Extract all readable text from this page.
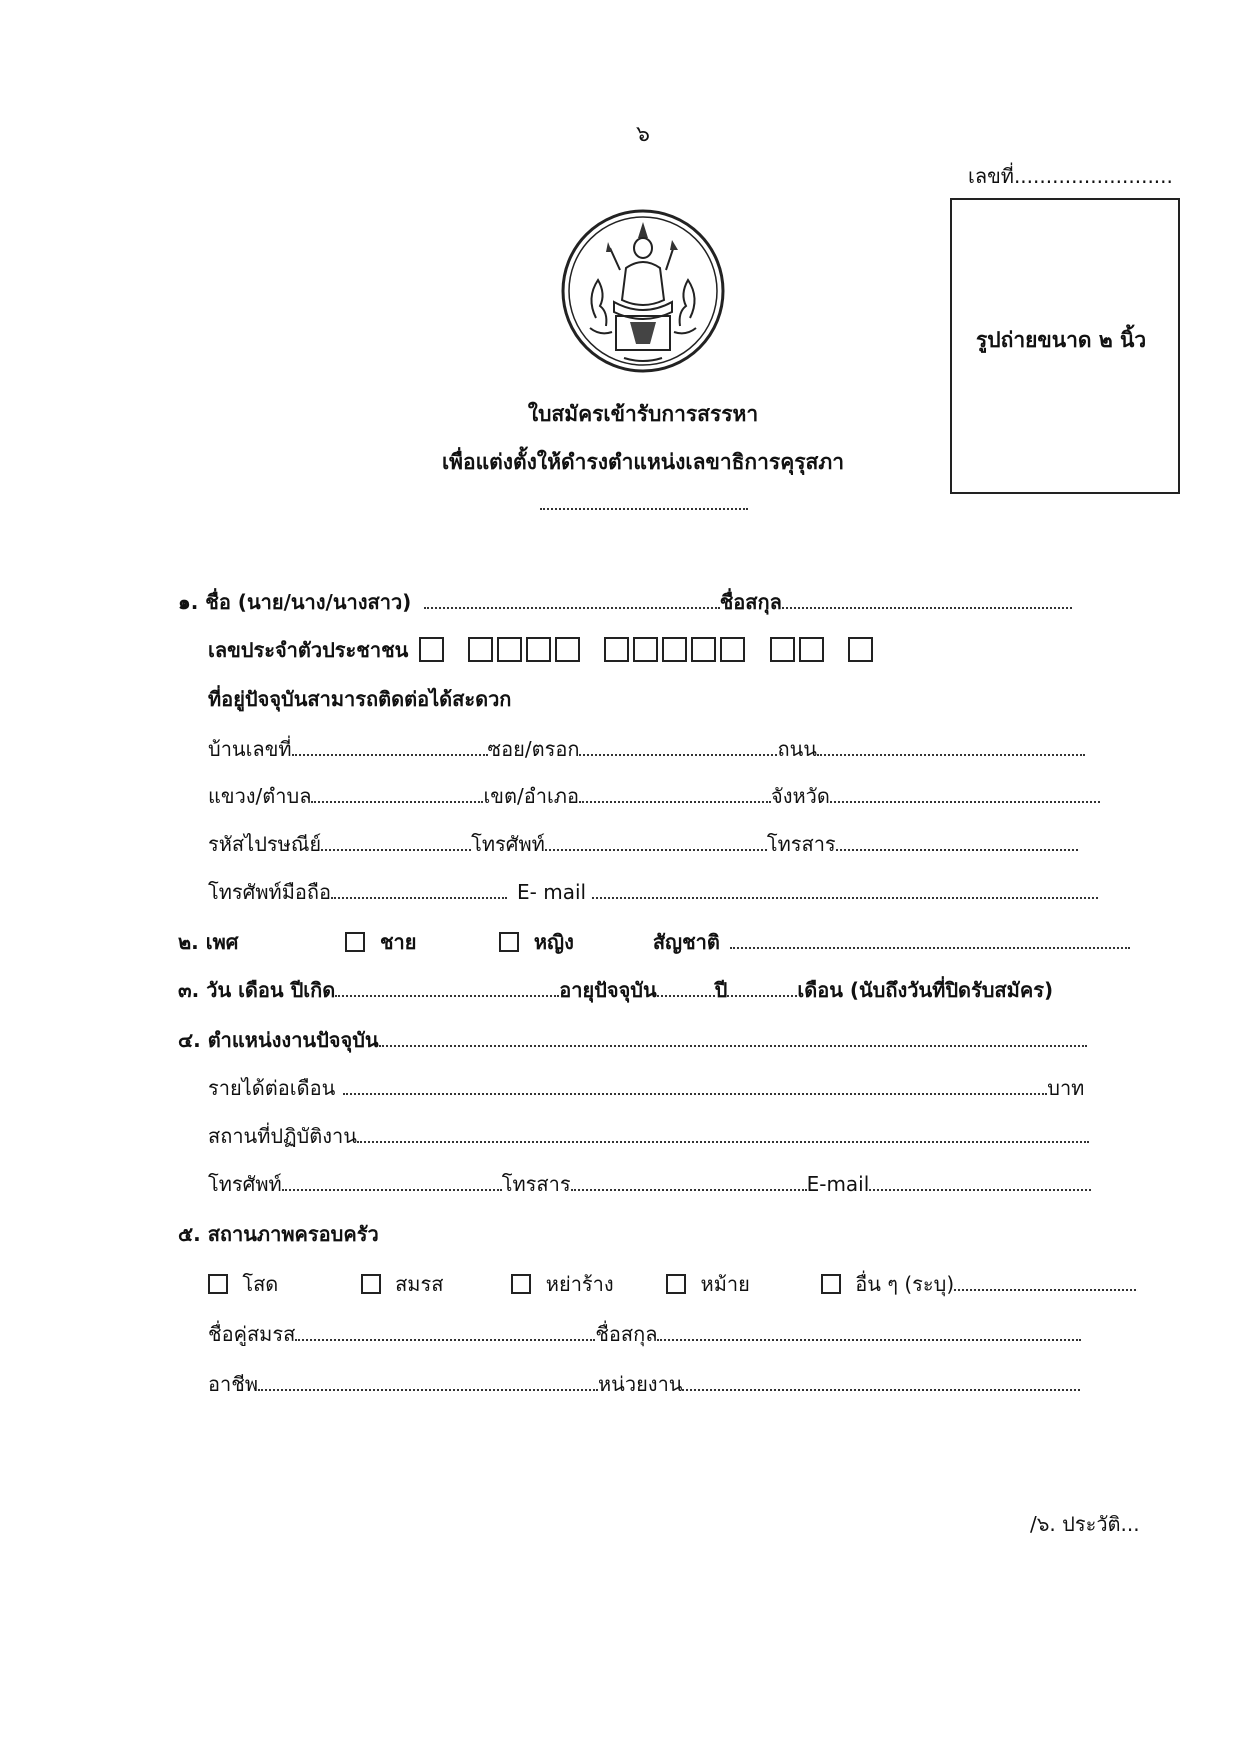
๖
เลขที่.........................
รูปถ่ายขนาด ๒ นิ้ว
ใบสมัครเข้ารับการสรรหา
เพื่อแต่งตั้งให้ดำรงตำแหน่งเลขาธิการคุรุสภา
๑. ชื่อ (นาย/นาง/นางสาว)	ชื่อสกุล
เลขประจำตัวประชาชน
ที่อยู่ปัจจุบันสามารถติดต่อได้สะดวก
บ้านเลขที่	ซอย/ตรอก	ถนน
แขวง/ตำบล	เขต/อำเภอ	จังหวัด
รหัสไปรษณีย์	โทรศัพท์	โทรสาร
โทรศัพท์มือถือ	E- mail
๒. เพศ	ชาย	หญิง	สัญชาติ
๓. วัน เดือน ปีเกิด	อายุปัจจุบัน	ปี	เดือน (นับถึงวันที่ปิดรับสมัคร)
๔. ตำแหน่งงานปัจจุบัน
รายได้ต่อเดือน	บาท
สถานที่ปฏิบัติงาน
โทรศัพท์	โทรสาร	E-mail
๕. สถานภาพครอบครัว
โสด	สมรส	หย่าร้าง	หม้าย	อื่น ๆ (ระบุ)
ชื่อคู่สมรส	ชื่อสกุล
อาชีพ	หน่วยงาน
/๖. ประวัติ...
